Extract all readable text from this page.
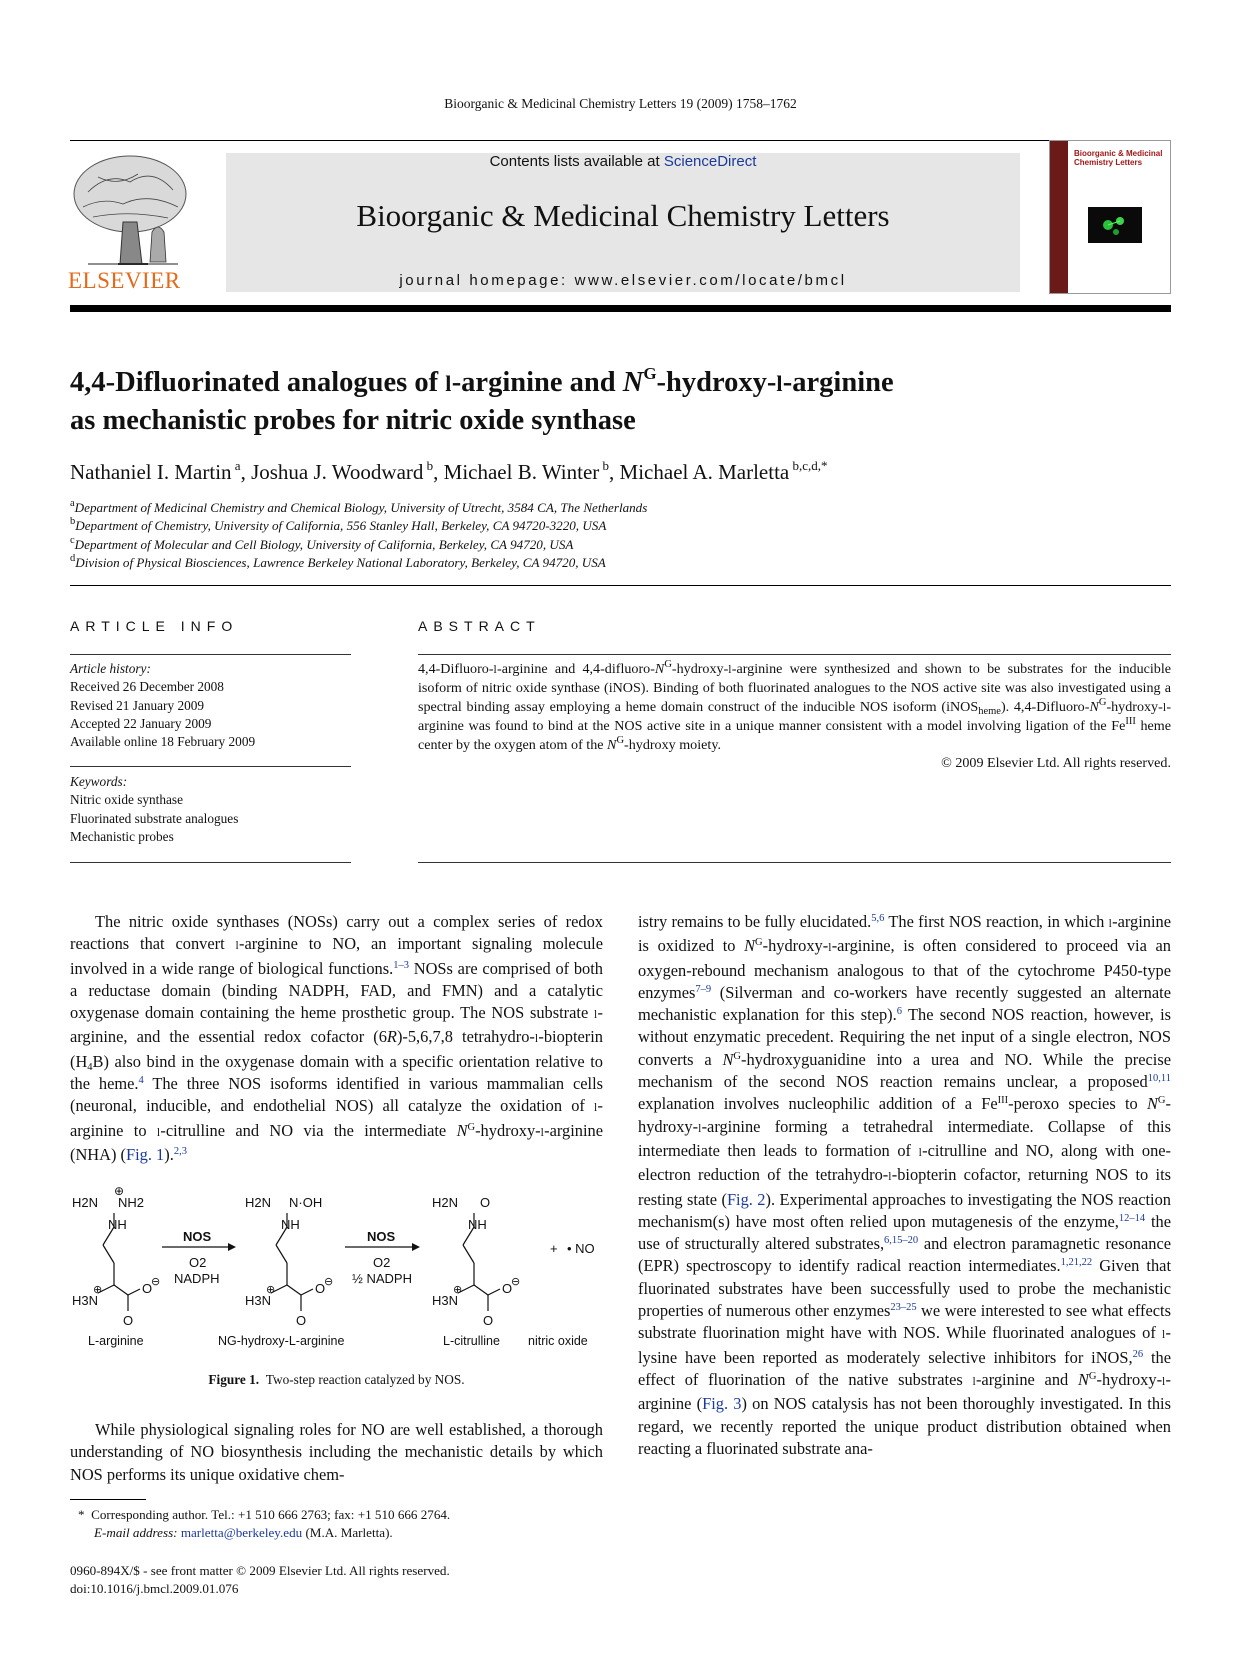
Bioorganic & Medicinal Chemistry Letters 19 (2009) 1758–1762
ELSEVIER
Contents lists available at ScienceDirect
Bioorganic & Medicinal Chemistry Letters
journal homepage: www.elsevier.com/locate/bmcl
Bioorganic & Medicinal Chemistry Letters
4,4-Difluorinated analogues of l-arginine and $N^G-hydroxy-l$-arginine
as mechanistic probes for nitric oxide synthase
Nathaniel I. Martin $^a$, Joshua J. Woodward $^b$, Michael B. Winter $^b$, Michael A. Marletta $^{b,c,d,*}$
$^a$Department of Medicinal Chemistry and Chemical Biology, University of Utrecht, 3584 CA, The Netherlands
$^b$Department of Chemistry, University of California, 556 Stanley Hall, Berkeley, CA 94720-3220, USA
$^c$Department of Molecular and Cell Biology, University of California, Berkeley, CA 94720, USA
$^d$Division of Physical Biosciences, Lawrence Berkeley National Laboratory, Berkeley, CA 94720, USA
ARTICLE INFO
Article history:
Received 26 December 2008
Revised 21 January 2009
Accepted 22 January 2009
Available online 18 February 2009
Keywords:
Nitric oxide synthase
Fluorinated substrate analogues
Mechanistic probes
ABSTRACT
4,4-Difluoro-l-arginine and $4,4-difluoro-N^G-hydroxy-l$-arginine were synthesized and shown to be substrates for the inducible isoform of nitric oxide synthase (iNOS). Binding of both fluorinated analogues to the NOS active site was also investigated using a spectral binding assay employing a heme domain construct of the inducible NOS isoform (iNOS$_{heme}$). $4,4-Difluoro-N^G-hydroxy-l$-arginine was found to bind at the NOS active site in a unique manner consistent with a model involving ligation of the $Fe^{III}$ heme center by the oxygen atom of the $N^G$-hydroxy moiety.
© 2009 Elsevier Ltd. All rights reserved.

The nitric oxide synthases (NOSs) carry out a complex series of redox reactions that convert l-arginine to NO, an important signaling molecule involved in a wide range of biological functions.$^{1-3}$ NOSs are comprised of both a reductase domain (binding NADPH, FAD, and FMN) and a catalytic oxygenase domain containing the heme prosthetic group. The NOS substrate l-arginine, and the essential redox cofactor (6R)-5,6,7,8 tetrahydro-l-biopterin $(H_4B)$ also bind in the oxygenase domain with a specific orientation relative to the heme.$^4$ The three NOS isoforms identified in various mammalian cells (neuronal, inducible, and endothelial NOS) all catalyze the oxidation of l-arginine to l-citrulline and NO via the intermediate $N^G-hydroxy-l$-arginine (NHA) (Fig. 1).$^{2,3}$

H2N NH2
⊕
NH
H3N
⊕
O
O
⊖
H2N N·OH
NH
H3N
⊕
O
O
⊖
H2N O
NH
H3N
⊕
O
O
⊖
NOS
O2
NADPH
NOS
O2
½ NADPH
+ • NO
L-arginine	NG-hydroxy-L-arginine	L-citrulline nitric oxide
Figure 1. Two-step reaction catalyzed by NOS.

While physiological signaling roles for NO are well established, a thorough understanding of NO biosynthesis including the mechanistic details by which NOS performs its unique oxidative chem-

* Corresponding author. Tel.: +1 510 666 2763; fax: +1 510 666 2764.
E-mail address: marletta@berkeley.edu (M.A. Marletta).
0960-894X/$ - see front matter © 2009 Elsevier Ltd. All rights reserved.
doi:10.1016/j.bmcl.2009.01.076

istry remains to be fully elucidated.$^{5,6}$ The first NOS reaction, in which l-arginine is oxidized to $N^G-hydroxy-l$-arginine, is often considered to proceed via an oxygen-rebound mechanism analogous to that of the cytochrome P450-type enzymes$^{7-9}$ (Silverman and co-workers have recently suggested an alternate mechanistic explanation for this step).$^6$ The second NOS reaction, however, is without enzymatic precedent. Requiring the net input of a single electron, NOS converts a $N^G$-hydroxyguanidine into a urea and NO. While the precise mechanism of the second NOS reaction remains unclear, a proposed$^{10,11}$ explanation involves nucleophilic addition of a $Fe^{III}$-peroxo species to $N^G-hydroxy-l$-arginine forming a tetrahedral intermediate. Collapse of this intermediate then leads to formation of l-citrulline and NO, along with one-electron reduction of the tetrahydro-l-biopterin cofactor, returning NOS to its resting state (Fig. 2). Experimental approaches to investigating the NOS reaction mechanism(s) have most often relied upon mutagenesis of the enzyme,$^{12-14}$ the use of structurally altered substrates,$^{6,15-20}$ and electron paramagnetic resonance (EPR) spectroscopy to identify radical reaction intermediates.$^{1,21,22}$ Given that fluorinated substrates have been successfully used to probe the mechanistic properties of numerous other enzymes$^{23-25}$ we were interested to see what effects substrate fluorination might have with NOS. While fluorinated analogues of l-lysine have been reported as moderately selective inhibitors for iNOS,$^{26}$ the effect of fluorination of the native substrates l-arginine and $N^G-hydroxy-l$-arginine (Fig. 3) on NOS catalysis has not been thoroughly investigated. In this regard, we recently reported the unique product distribution obtained when reacting a fluorinated substrate ana-
